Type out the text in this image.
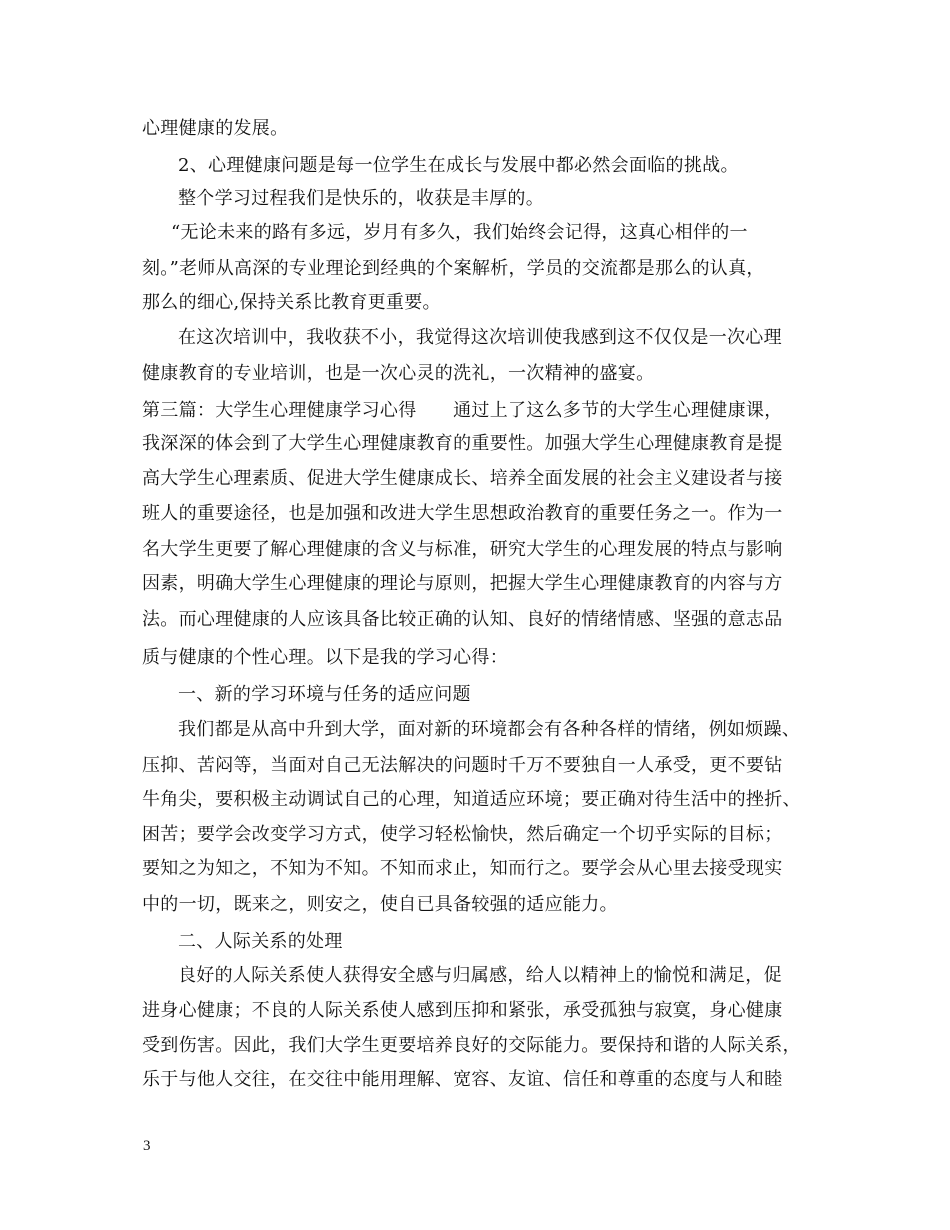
心理健康的发展。
2、心理健康问题是每一位学生在成长与发展中都必然会面临的挑战。
整个学习过程我们是快乐的，收获是丰厚的。
“无论未来的路有多远，岁月有多久，我们始终会记得，这真心相伴的一
刻。”老师从高深的专业理论到经典的个案解析，学员的交流都是那么的认真，
那么的细心,保持关系比教育更重要。
在这次培训中，我收获不小，我觉得这次培训使我感到这不仅仅是一次心理
健康教育的专业培训，也是一次心灵的洗礼，一次精神的盛宴。
第三篇：大学生心理健康学习心得　　通过上了这么多节的大学生心理健康课，
我深深的体会到了大学生心理健康教育的重要性。加强大学生心理健康教育是提
高大学生心理素质、促进大学生健康成长、培养全面发展的社会主义建设者与接
班人的重要途径，也是加强和改进大学生思想政治教育的重要任务之一。作为一
名大学生更要了解心理健康的含义与标准，研究大学生的心理发展的特点与影响
因素，明确大学生心理健康的理论与原则，把握大学生心理健康教育的内容与方
法。而心理健康的人应该具备比较正确的认知、良好的情绪情感、坚强的意志品
质与健康的个性心理。以下是我的学习心得：
一、新的学习环境与任务的适应问题
我们都是从高中升到大学，面对新的环境都会有各种各样的情绪，例如烦躁、
压抑、苦闷等，当面对自己无法解决的问题时千万不要独自一人承受，更不要钻
牛角尖，要积极主动调试自己的心理，知道适应环境；要正确对待生活中的挫折、
困苦；要学会改变学习方式，使学习轻松愉快，然后确定一个切乎实际的目标；
要知之为知之，不知为不知。不知而求止，知而行之。要学会从心里去接受现实
中的一切，既来之，则安之，使自已具备较强的适应能力。
二、人际关系的处理
良好的人际关系使人获得安全感与归属感，给人以精神上的愉悦和满足，促
进身心健康；不良的人际关系使人感到压抑和紧张，承受孤独与寂寞，身心健康
受到伤害。因此，我们大学生更要培养良好的交际能力。要保持和谐的人际关系，
乐于与他人交往，在交往中能用理解、宽容、友谊、信任和尊重的态度与人和睦
3
